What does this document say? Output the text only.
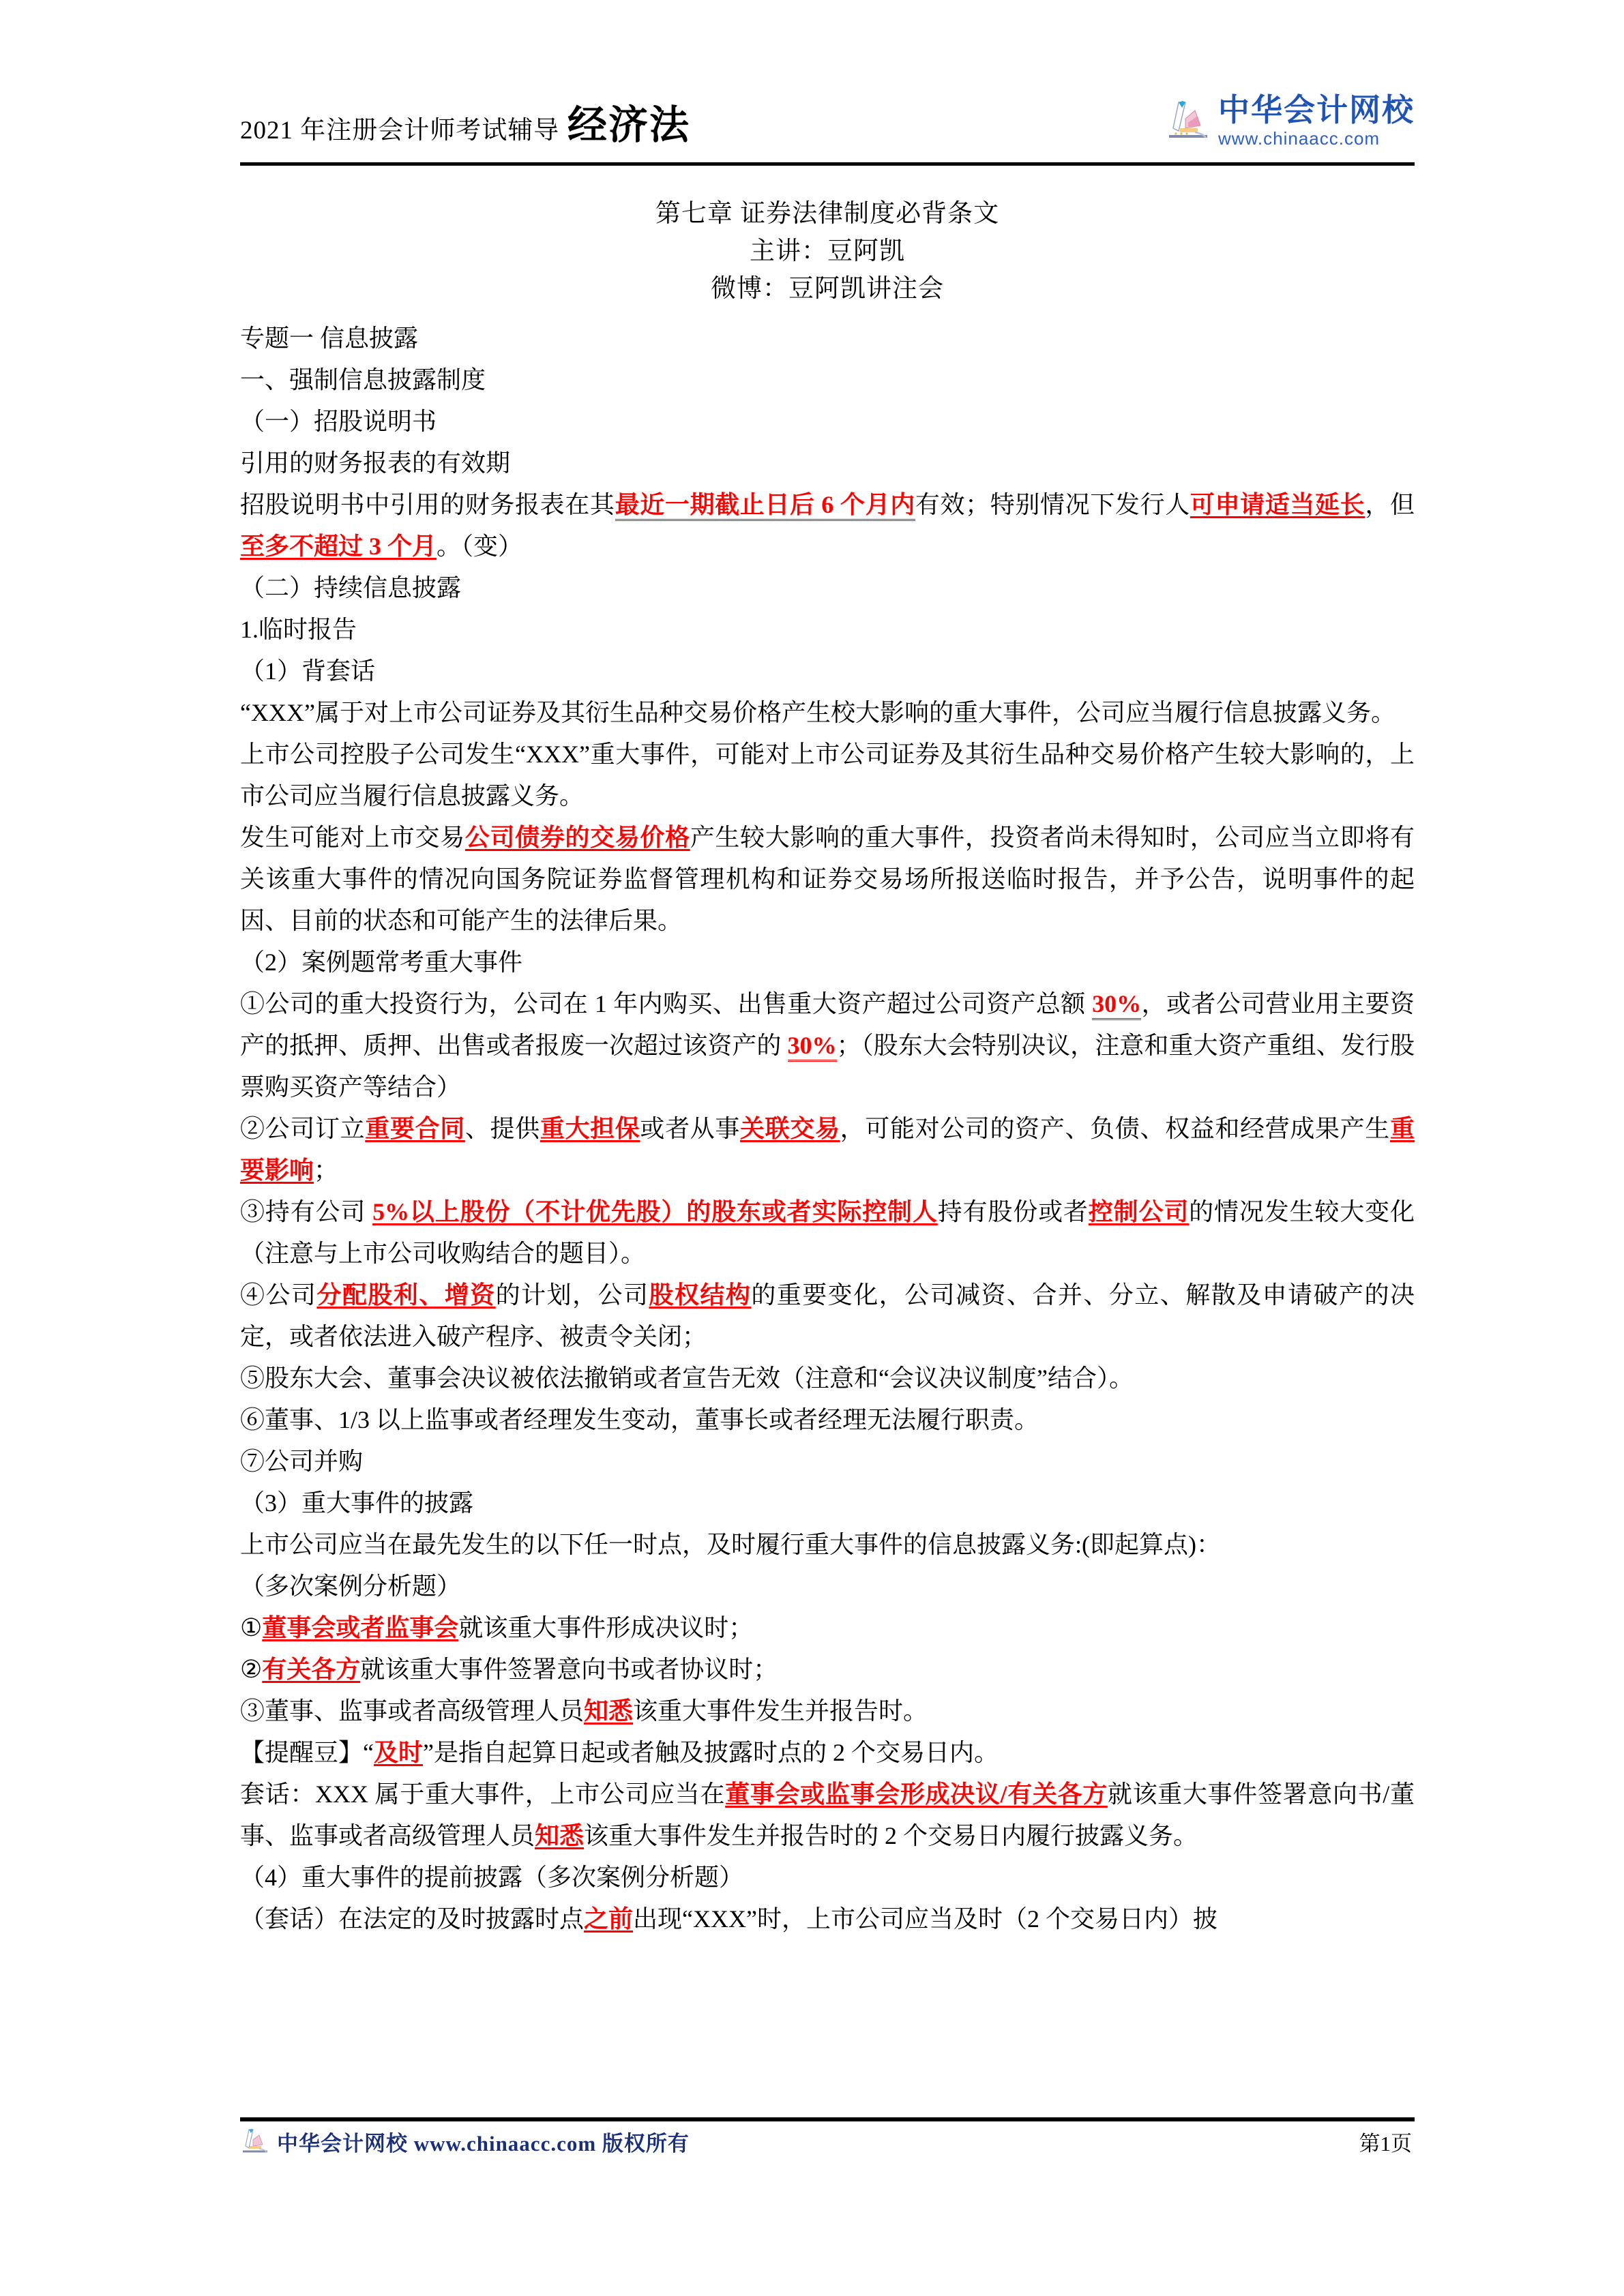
2021 年注册会计师考试辅导 经济法	中华会计网校
www.chinaacc.com
第七章 证券法律制度必背条文
主讲：豆阿凯
微博：豆阿凯讲注会

专题一 信息披露

一、强制信息披露制度

（一）招股说明书

引用的财务报表的有效期

招股说明书中引用的财务报表在其最近一期截止日后 6 个月内有效；特别情况下发行人可申请适当延长，但至多不超过 3 个月。（变）

（二）持续信息披露

1.临时报告

（1）背套话

“XXX”属于对上市公司证券及其衍生品种交易价格产生校大影响的重大事件，公司应当履行信息披露义务。

上市公司控股子公司发生“XXX”重大事件，可能对上市公司证券及其衍生品种交易价格产生较大影响的，上市公司应当履行信息披露义务。

发生可能对上市交易公司债券的交易价格产生较大影响的重大事件，投资者尚未得知时，公司应当立即将有关该重大事件的情况向国务院证券监督管理机构和证券交易场所报送临时报告，并予公告，说明事件的起因、目前的状态和可能产生的法律后果。

（2）案例题常考重大事件

①公司的重大投资行为，公司在 1 年内购买、出售重大资产超过公司资产总额 30%，或者公司营业用主要资产的抵押、质押、出售或者报废一次超过该资产的 30%；（股东大会特别决议，注意和重大资产重组、发行股票购买资产等结合）

②公司订立重要合同、提供重大担保或者从事关联交易，可能对公司的资产、负债、权益和经营成果产生重要影响；

③持有公司 5%以上股份（不计优先股）的股东或者实际控制人持有股份或者控制公司的情况发生较大变化（注意与上市公司收购结合的题目）。

④公司分配股利、增资的计划，公司股权结构的重要变化，公司减资、合并、分立、解散及申请破产的决定，或者依法进入破产程序、被责令关闭；

⑤股东大会、董事会决议被依法撤销或者宣告无效（注意和“会议决议制度”结合）。

⑥董事、1/3 以上监事或者经理发生变动，董事长或者经理无法履行职责。

⑦公司并购

（3）重大事件的披露

上市公司应当在最先发生的以下任一时点，及时履行重大事件的信息披露义务:(即起算点)：

（多次案例分析题）

①董事会或者监事会就该重大事件形成决议时；

②有关各方就该重大事件签署意向书或者协议时；

③董事、监事或者高级管理人员知悉该重大事件发生并报告时。

【提醒豆】“及时”是指自起算日起或者触及披露时点的 2 个交易日内。

套话：XXX 属于重大事件，上市公司应当在董事会或监事会形成决议/有关各方就该重大事件签署意向书/董事、监事或者高级管理人员知悉该重大事件发生并报告时的 2 个交易日内履行披露义务。

（4）重大事件的提前披露（多次案例分析题）

（套话）在法定的及时披露时点之前出现“XXX”时，上市公司应当及时（2 个交易日内）披

中华会计网校 www.chinaacc.com 版权所有	第1页
